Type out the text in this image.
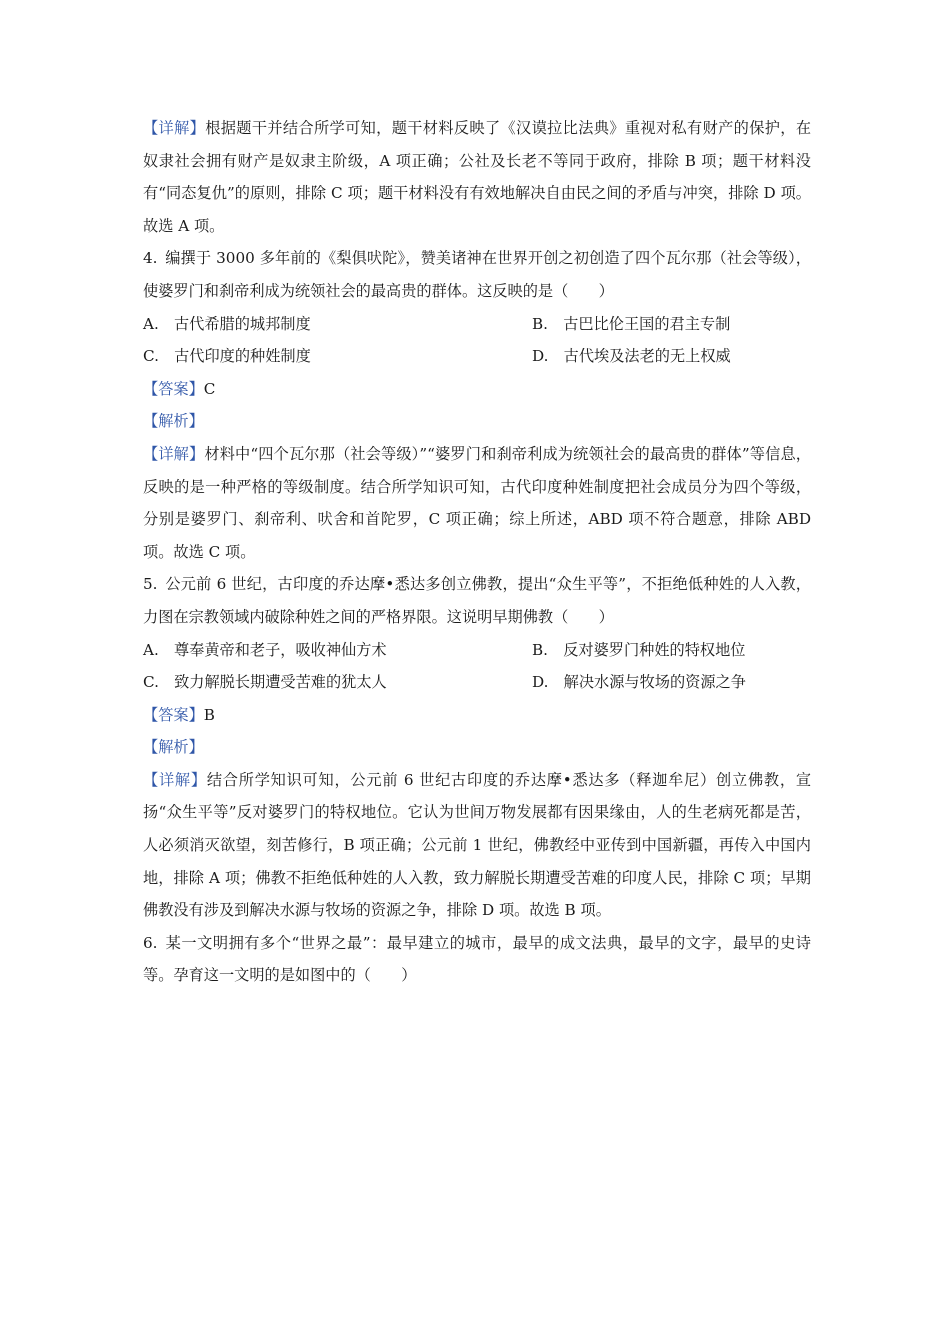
【详解】根据题干并结合所学可知，题干材料反映了《汉谟拉比法典》重视对私有财产的保护，在奴隶社会拥有财产是奴隶主阶级，A 项正确；公社及长老不等同于政府，排除 B 项；题干材料没有“同态复仇”的原则，排除 C 项；题干材料没有有效地解决自由民之间的矛盾与冲突，排除 D 项。故选 A 项。

4.  编撰于 3000 多年前的《梨俱吠陀》，赞美诸神在世界开创之初创造了四个瓦尔那（社会等级），使婆罗门和刹帝利成为统领社会的最高贵的群体。这反映的是（　　）

A.  古代希腊的城邦制度	B.  古巴比伦王国的君主专制
C.  古代印度的种姓制度	D.  古代埃及法老的无上权威

【答案】C

【解析】

【详解】材料中“四个瓦尔那（社会等级）”“婆罗门和刹帝利成为统领社会的最高贵的群体”等信息，反映的是一种严格的等级制度。结合所学知识可知，古代印度种姓制度把社会成员分为四个等级，分别是婆罗门、刹帝利、吠舍和首陀罗，C 项正确；综上所述，ABD 项不符合题意，排除 ABD 项。故选 C 项。

5.  公元前 6 世纪，古印度的乔达摩•悉达多创立佛教，提出“众生平等”，不拒绝低种姓的人入教，力图在宗教领域内破除种姓之间的严格界限。这说明早期佛教（　　）

A.  尊奉黄帝和老子，吸收神仙方术	B.  反对婆罗门种姓的特权地位
C.  致力解脱长期遭受苦难的犹太人	D.  解决水源与牧场的资源之争

【答案】B

【解析】

【详解】结合所学知识可知，公元前 6 世纪古印度的乔达摩•悉达多（释迦牟尼）创立佛教，宣扬“众生平等”反对婆罗门的特权地位。它认为世间万物发展都有因果缘由，人的生老病死都是苦，人必须消灭欲望，刻苦修行，B 项正确；公元前 1 世纪，佛教经中亚传到中国新疆，再传入中国内地，排除 A 项；佛教不拒绝低种姓的人入教，致力解脱长期遭受苦难的印度人民，排除 C 项；早期佛教没有涉及到解决水源与牧场的资源之争，排除 D 项。故选 B 项。

6.  某一文明拥有多个“世界之最”：最早建立的城市，最早的成文法典，最早的文字，最早的史诗等。孕育这一文明的是如图中的（　　）
